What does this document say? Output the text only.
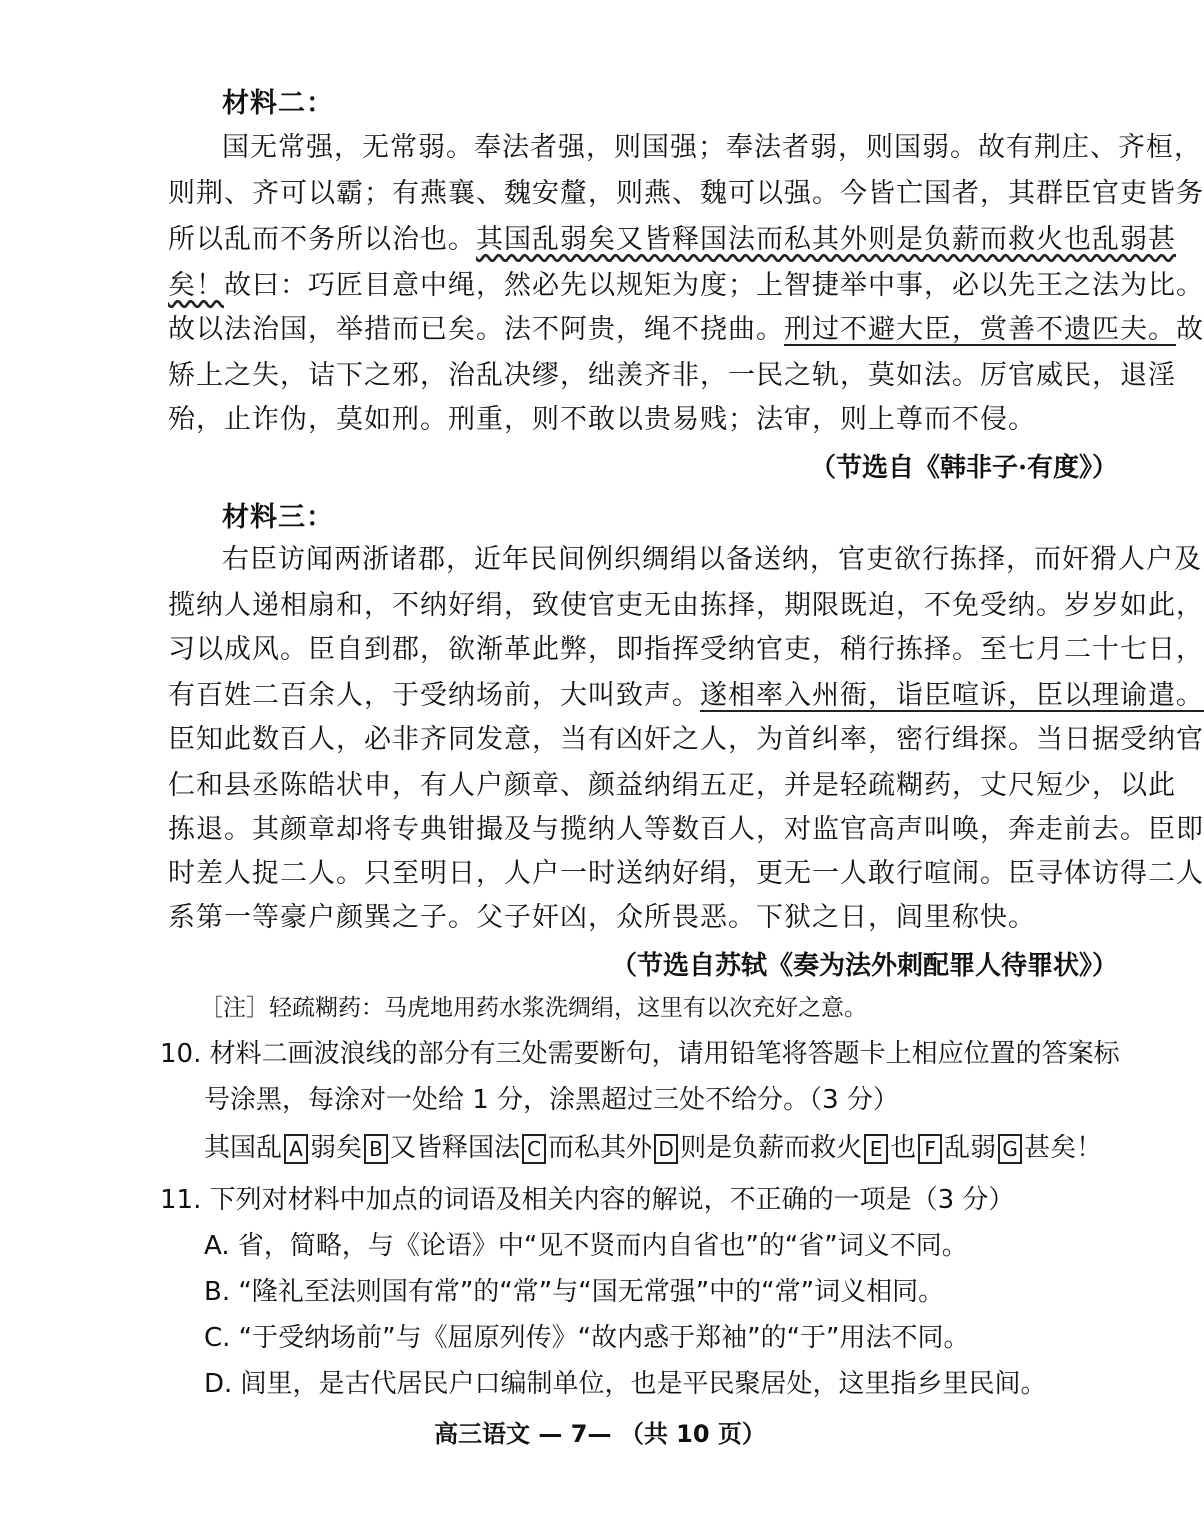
材料二：
国无常强，无常弱。奉法者强，则国强；奉法者弱，则国弱。故有荆庄、齐桓，
则荆、齐可以霸；有燕襄、魏安釐，则燕、魏可以强。今皆亡国者，其群臣官吏皆务
所以乱而不务所以治也。其国乱弱矣又皆释国法而私其外则是负薪而救火也乱弱甚
矣！故曰：巧匠目意中绳，然必先以规矩为度；上智捷举中事，必以先王之法为比。
故以法治国，举措而已矣。法不阿贵，绳不挠曲。刑过不避大臣，赏善不遗匹夫。故
矫上之失，诘下之邪，治乱决缪，绌羡齐非，一民之轨，莫如法。厉官威民，退淫
殆，止诈伪，莫如刑。刑重，则不敢以贵易贱；法审，则上尊而不侵。
（节选自《韩非子·有度》）
材料三：
右臣访闻两浙诸郡，近年民间例织绸绢以备送纳，官吏欲行拣择，而奸猾人户及
揽纳人递相扇和，不纳好绢，致使官吏无由拣择，期限既迫，不免受纳。岁岁如此，
习以成风。臣自到郡，欲渐革此弊，即指挥受纳官吏，稍行拣择。至七月二十七日，
有百姓二百余人，于受纳场前，大叫致声。遂相率入州衙，诣臣喧诉，臣以理谕遣。
臣知此数百人，必非齐同发意，当有凶奸之人，为首纠率，密行缉探。当日据受纳官
仁和县丞陈皓状申，有人户颜章、颜益纳绢五疋，并是轻疏糊药，丈尺短少，以此
拣退。其颜章却将专典钳撮及与揽纳人等数百人，对监官高声叫唤，奔走前去。臣即
时差人捉二人。只至明日，人户一时送纳好绢，更无一人敢行喧闹。臣寻体访得二人
系第一等豪户颜巽之子。父子奸凶，众所畏恶。下狱之日，闾里称快。
（节选自苏轼《奏为法外刺配罪人待罪状》）
［注］轻疏糊药：马虎地用药水浆洗绸绢，这里有以次充好之意。
10. 材料二画波浪线的部分有三处需要断句，请用铅笔将答题卡上相应位置的答案标
号涂黑，每涂对一处给 1 分，涂黑超过三处不给分。（3 分）
其国乱 A 弱矣 B 又皆释国法 C 而私其外 D 则是负薪而救火 E 也 F 乱弱 G 甚矣！
11. 下列对材料中加点的词语及相关内容的解说，不正确的一项是（3 分）
A. 省，简略，与《论语》中“见不贤而内自省也”的“省”词义不同。
B. “隆礼至法则国有常”的“常”与“国无常强”中的“常”词义相同。
C. “于受纳场前”与《屈原列传》“故内惑于郑袖”的“于”用法不同。
D. 闾里，是古代居民户口编制单位，也是平民聚居处，这里指乡里民间。
高三语文 — 7— （共 10 页）
